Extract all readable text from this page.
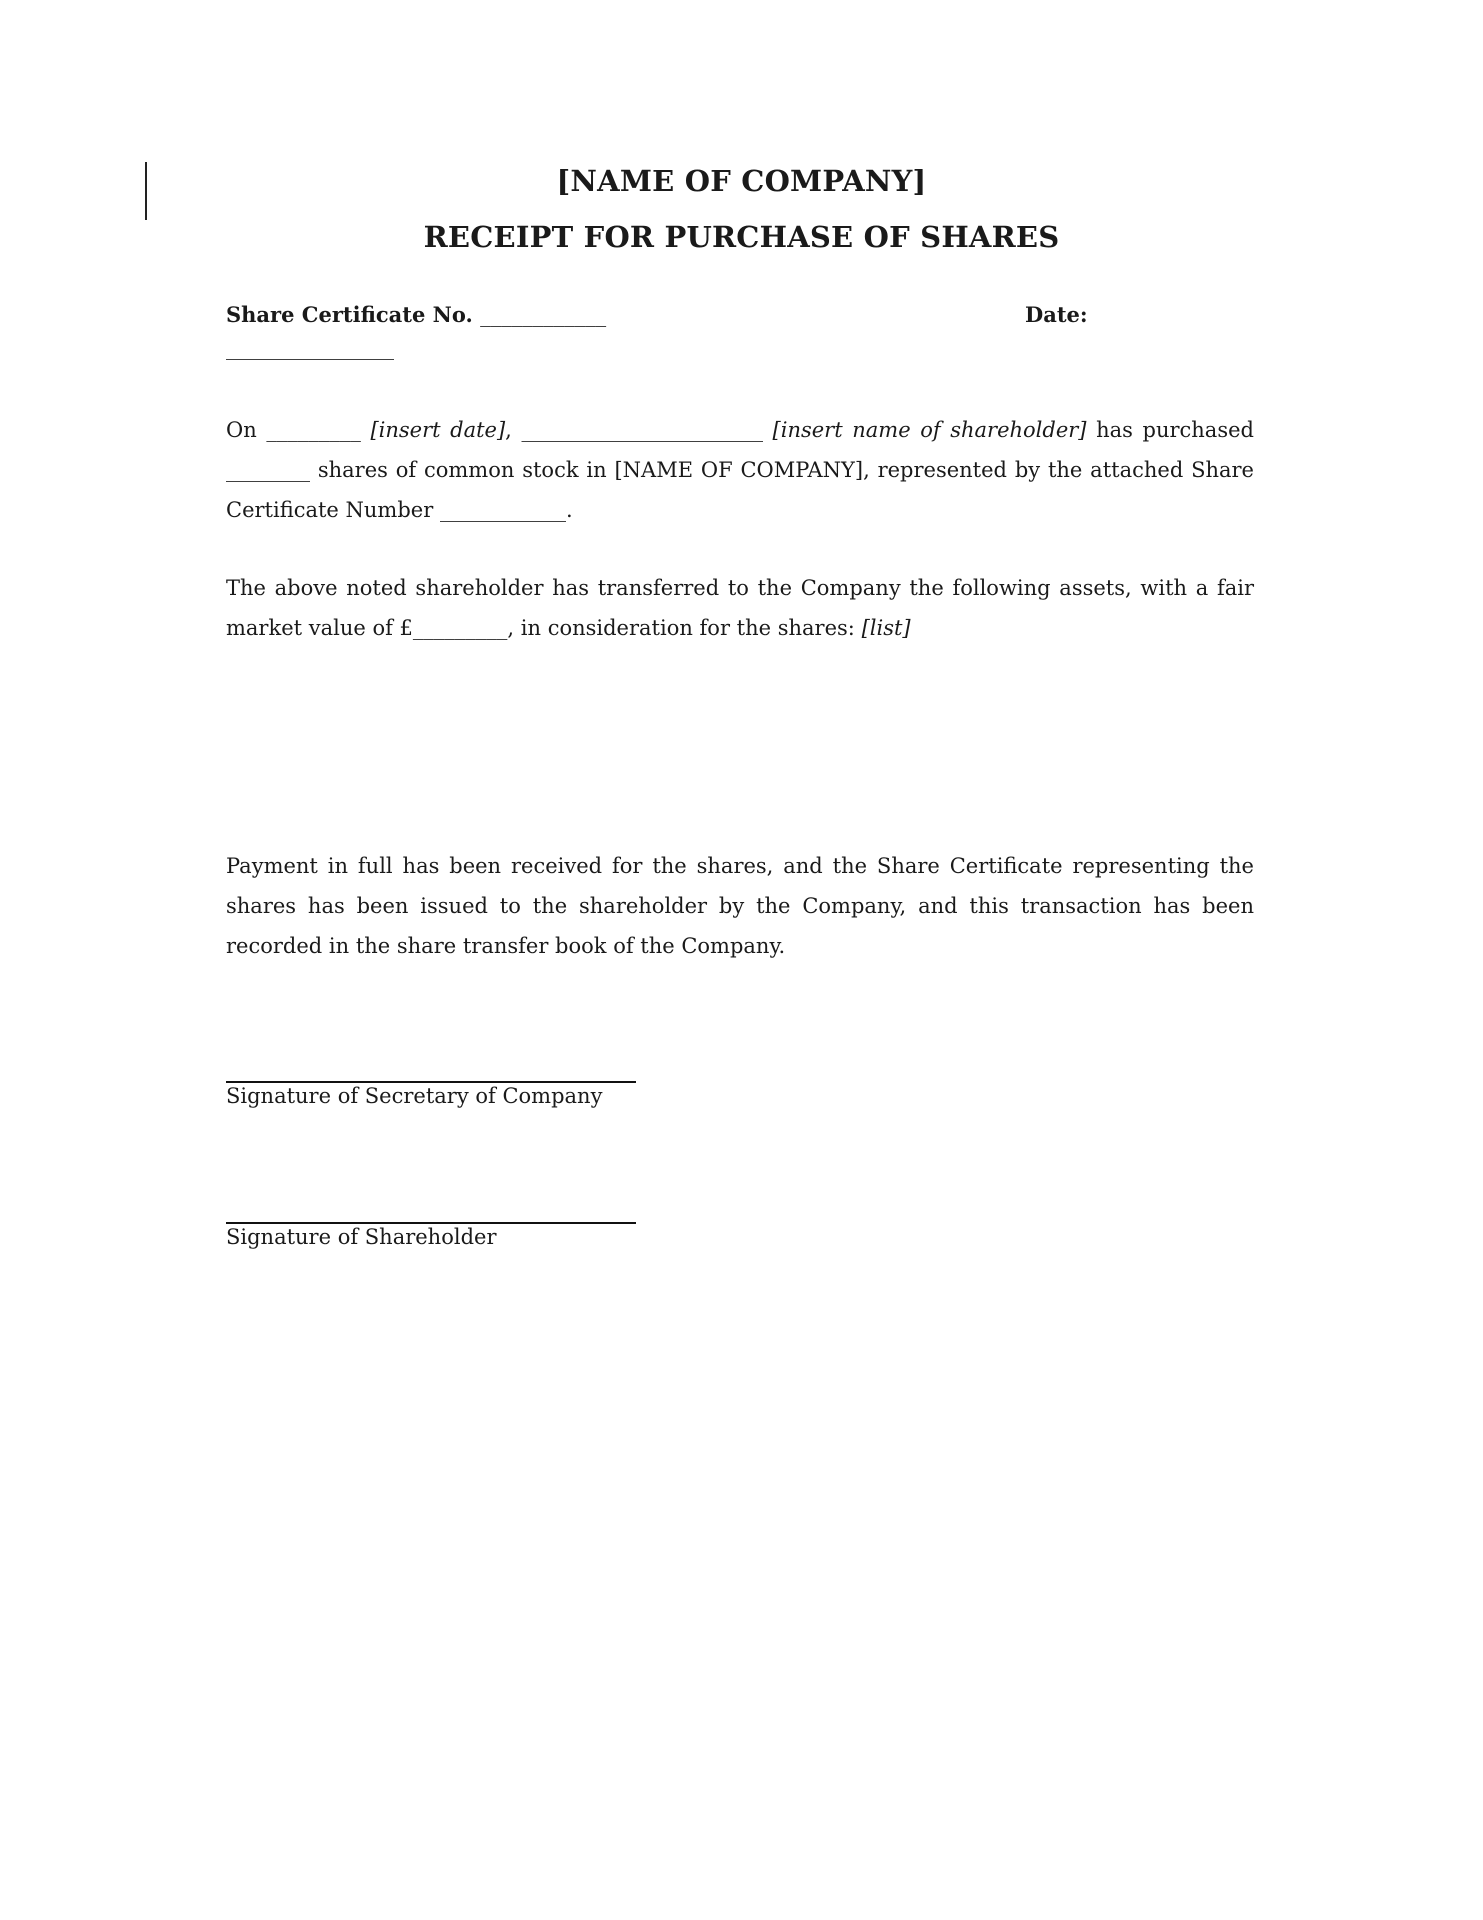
[NAME OF COMPANY]
RECEIPT FOR PURCHASE OF SHARES
Share Certificate No. ____________	Date:
________________

On _________ [insert date], _______________________ [insert name of shareholder] has purchased ________ shares of common stock in [NAME OF COMPANY], represented by the attached Share Certificate Number ____________.

The above noted shareholder has transferred to the Company the following assets, with a fair market value of £_________, in consideration for the shares: [list]

Payment in full has been received for the shares, and the Share Certificate representing the shares has been issued to the shareholder by the Company, and this transaction has been recorded in the share transfer book of the Company.

Signature of Secretary of Company
Signature of Shareholder
